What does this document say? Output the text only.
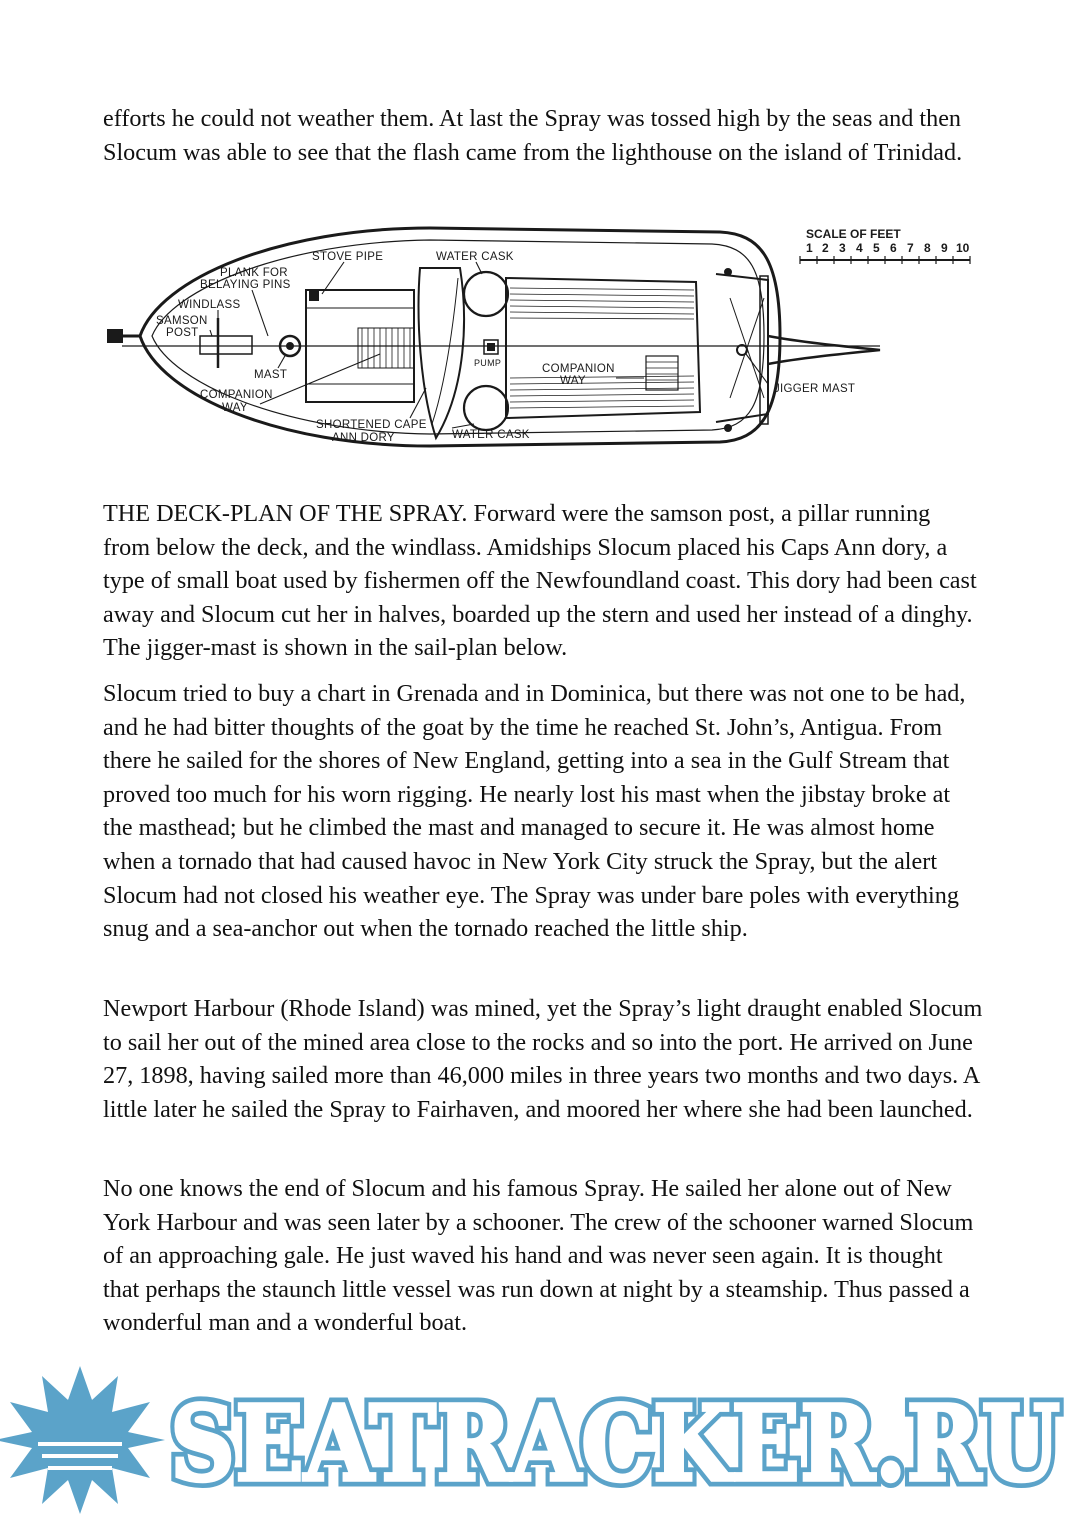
efforts he could not weather them. At last the Spray was tossed high by the seas and then Slocum was able to see that the flash came from the lighthouse on the island of Trinidad.

STOVE PIPE	WATER CASK
PLANK FOR
BELAYING PINS
WINDLASS
SAMSON
POST
PUMP
MAST
COMPANION
WAY
COMPANION
WAY
SHORTENED CAPE
ANN DORY	WATER CASK
JIGGER MAST
SCALE OF FEET
1 2 3 4 5 6 7 8 9 10

THE DECK-PLAN OF THE SPRAY. Forward were the samson post, a pillar running from below the deck, and the windlass. Amidships Slocum placed his Caps Ann dory, a type of small boat used by fishermen off the Newfoundland coast. This dory had been cast away and Slocum cut her in halves, boarded up the stern and used her instead of a dinghy. The jigger-mast is shown in the sail-plan below.

Slocum tried to buy a chart in Grenada and in Dominica, but there was not one to be had, and he had bitter thoughts of the goat by the time he reached St. John’s, Antigua. From there he sailed for the shores of New England, getting into a sea in the Gulf Stream that proved too much for his worn rigging. He nearly lost his mast when the jibstay broke at the masthead; but he climbed the mast and managed to secure it. He was almost home when a tornado that had caused havoc in New York City struck the Spray, but the alert Slocum had not closed his weather eye. The Spray was under bare poles with everything snug and a sea-anchor out when the tornado reached the little ship.

Newport Harbour (Rhode Island) was mined, yet the Spray’s light draught enabled Slocum to sail her out of the mined area close to the rocks and so into the port. He arrived on June 27, 1898, having sailed more than 46,000 miles in three years two months and two days. A little later he sailed the Spray to Fairhaven, and moored her where she had been launched.

No one knows the end of Slocum and his famous Spray. He sailed her alone out of New York Harbour and was seen later by a schooner. The crew of the schooner warned Slocum of an approaching gale. He just waved his hand and was never seen again. It is thought that perhaps the staunch little vessel was run down at night by a steamship. Thus passed a wonderful man and a wonderful boat.

SEATRACKER.RU
SEATRACKER.RU
